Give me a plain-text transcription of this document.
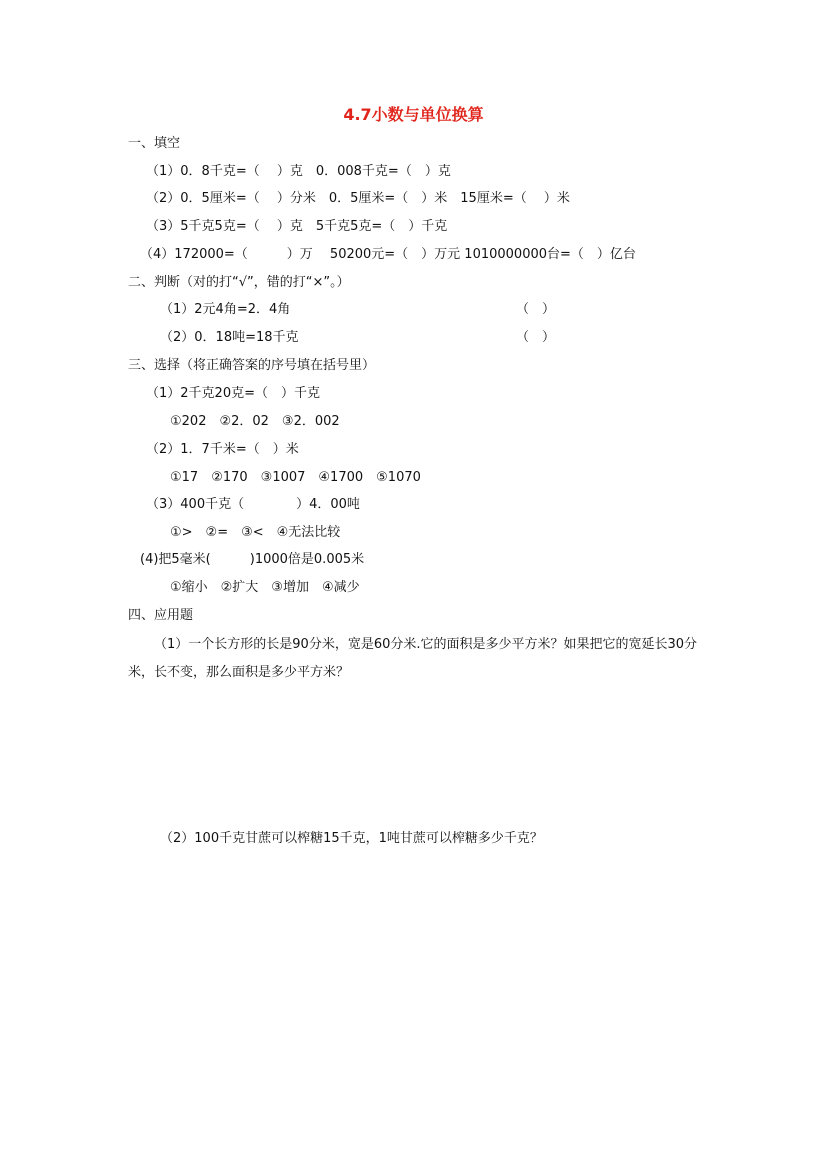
4.7小数与单位换算
一、填空
（1）0．8千克=（　 ）克　0．008千克=（　）克
（2）0．5厘米=（　 ）分米　0．5厘米=（　）米　15厘米=（　 ）米
（3）5千克5克=（　 ）克　5千克5克=（　）千克
（4）172000=（　　　）万　 50200元=（　）万元 1010000000台=（　）亿台
二、判断（对的打“√”，错的打“×”。）
（1）2元4角=2．4角	（　）
（2）0．18吨=18千克	（　）
三、选择（将正确答案的序号填在括号里）
（1）2千克20克=（　）千克
①202　②2．02　③2．002
（2）1．7千米=（　）米
①17　②170　③1007　④1700　⑤1070
（3）400千克（　　　　）4．00吨
①>　②=　③<　④无法比较
(4)把5毫米(　　　)1000倍是0.005米
①缩小　②扩大　③增加　④减少
四、应用题
（1）一个长方形的长是90分米，宽是60分米.它的面积是多少平方米？如果把它的宽延长30分米，长不变，那么面积是多少平方米？
（2）100千克甘蔗可以榨糖15千克，1吨甘蔗可以榨糖多少千克？
